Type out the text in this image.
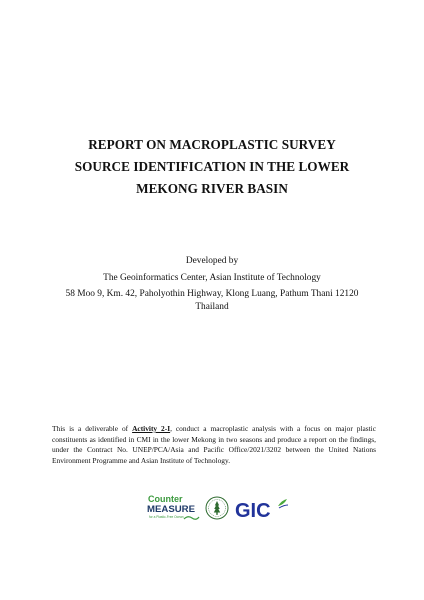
REPORT ON MACROPLASTIC SURVEY
SOURCE IDENTIFICATION IN THE LOWER
MEKONG RIVER BASIN
Developed by
The Geoinformatics Center, Asian Institute of Technology
58 Moo 9, Km. 42, Paholyothin Highway, Klong Luang, Pathum Thani 12120
Thailand
This is a deliverable of Activity 2-I, conduct a macroplastic analysis with a focus on major plastic constituents as identified in CMI in the lower Mekong in two seasons and produce a report on the findings, under the Contract No. UNEP/PCA/Asia and Pacific Office/2021/3202 between the United Nations Environment Programme and Asian Institute of Technology.
Counter
MEASURE
for a Plastic-Free Ocean	GIC
